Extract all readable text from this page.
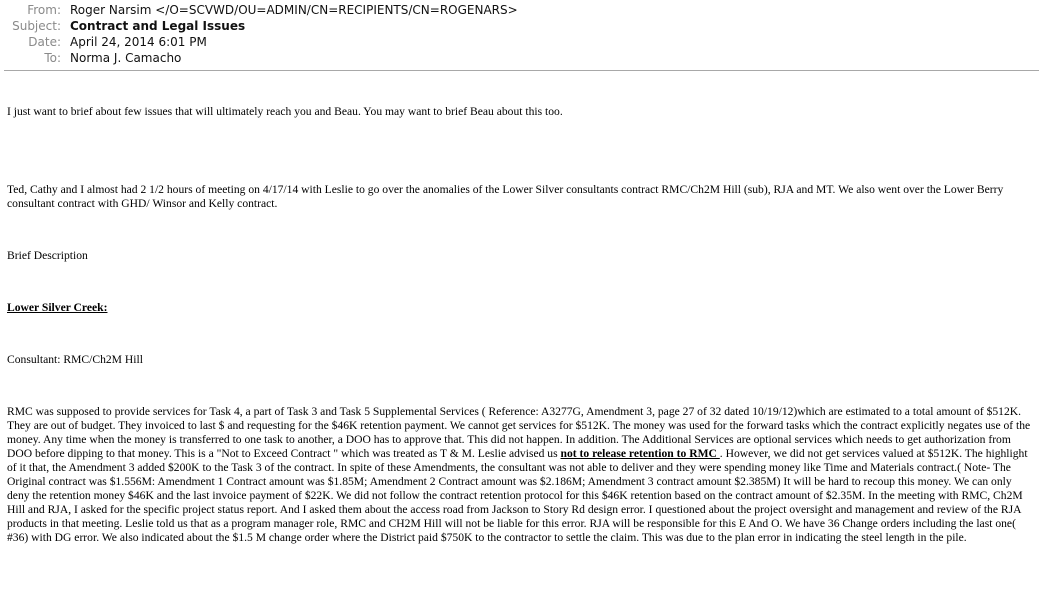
From: Roger Narsim </O=SCVWD/OU=ADMIN/CN=RECIPIENTS/CN=ROGENARS>
Subject: Contract and Legal Issues
Date: April 24, 2014 6:01 PM
To: Norma J. Camacho

I just want to brief about few issues that will ultimately reach you and Beau. You may want to brief Beau about this too.

Ted, Cathy and I almost had 2 1/2 hours of meeting on 4/17/14 with Leslie to go over the anomalies of the Lower Silver consultants contract RMC/Ch2M Hill (sub), RJA and MT. We also went over the Lower Berry consultant contract with GHD/ Winsor and Kelly contract.

Brief Description

Lower Silver Creek:

Consultant: RMC/Ch2M Hill

RMC was supposed to provide services for Task 4, a part of Task 3 and Task 5 Supplemental Services ( Reference: A3277G, Amendment 3, page 27 of 32 dated 10/19/12)which are estimated to a total amount of $512K. They are out of budget. They invoiced to last $ and requesting for the $46K retention payment. We cannot get services for $512K. The money was used for the forward tasks which the contract explicitly negates use of the money. Any time when the money is transferred to one task to another, a DOO has to approve that. This did not happen. In addition. The Additional Services are optional services which needs to get authorization from DOO before dipping to that money. This is a "Not to Exceed Contract " which was treated as T & M. Leslie advised us not to release retention to RMC . However, we did not get services valued at $512K. The highlight of it that, the Amendment 3 added $200K to the Task 3 of the contract. In spite of these Amendments, the consultant was not able to deliver and they were spending money like Time and Materials contract.( Note- The Original contract was $1.556M: Amendment 1 Contract amount was $1.85M; Amendment 2 Contract amount was $2.186M; Amendment 3 contract amount $2.385M) It will be hard to recoup this money. We can only deny the retention money $46K and the last invoice payment of $22K. We did not follow the contract retention protocol for this $46K retention based on the contract amount of $2.35M. In the meeting with RMC, Ch2M Hill and RJA, I asked for the specific project status report. And I asked them about the access road from Jackson to Story Rd design error. I questioned about the project oversight and management and review of the RJA products in that meeting. Leslie told us that as a program manager role, RMC and CH2M Hill will not be liable for this error. RJA will be responsible for this E And O. We have 36 Change orders including the last one( #36) with DG error. We also indicated about the $1.5 M change order where the District paid $750K to the contractor to settle the claim. This was due to the plan error in indicating the steel length in the pile.
